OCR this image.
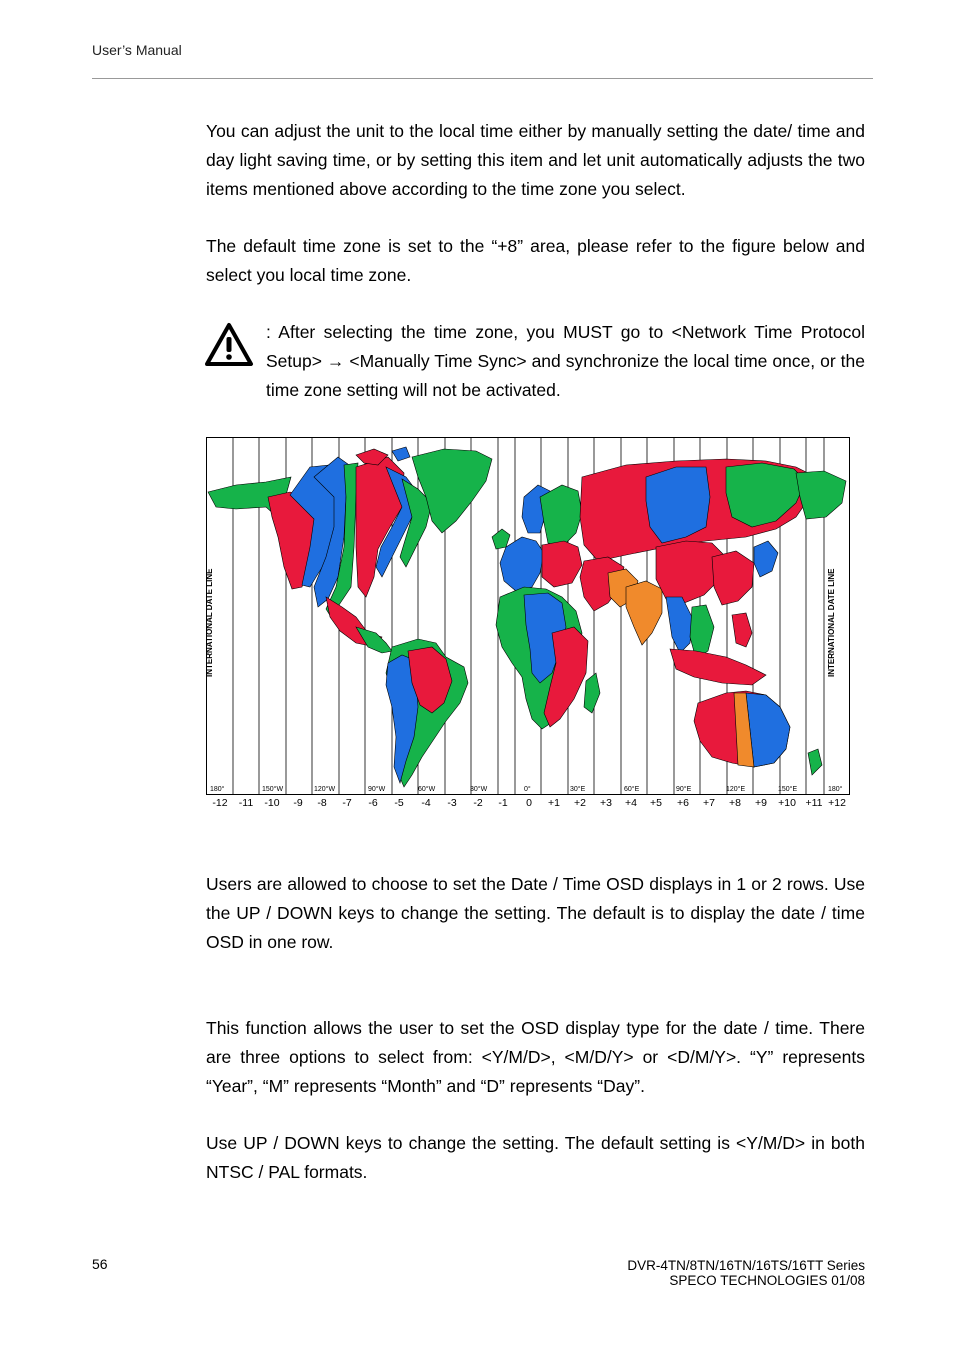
User’s Manual
You can adjust the unit to the local time either by manually setting the date/ time and day light saving time, or by setting this item and let unit automatically adjusts the two items mentioned above according to the time zone you select.
The default time zone is set to the “+8” area, please refer to the figure below and select you local time zone.
: After selecting the time zone, you MUST go to <Network Time Protocol Setup> → <Manually Time Sync> and synchronize the local time once, or the time zone setting will not be activated.
INTERNATIONAL DATE LINE	INTERNATIONAL DATE LINE
180°	150°W	120°W	90°W	60°W	30°W	0°	30°E	60°E	90°E	120°E	150°E	180°
-12 -11 -10 -9 -8 -7 -6 -5 -4 -3 -2 -1 0 +1 +2 +3 +4 +5 +6 +7 +8 +9 +10 +11 +12
Users are allowed to choose to set the Date / Time OSD displays in 1 or 2 rows. Use the UP / DOWN keys to change the setting. The default is to display the date / time OSD in one row.
This function allows the user to set the OSD display type for the date / time. There are three options to select from: <Y/M/D>, <M/D/Y> or <D/M/Y>. “Y” represents “Year”, “M” represents “Month” and “D” represents “Day”.
Use UP / DOWN keys to change the setting. The default setting is <Y/M/D> in both NTSC / PAL formats.
56	DVR-4TN/8TN/16TN/16TS/16TT Series
SPECO TECHNOLOGIES 01/08
